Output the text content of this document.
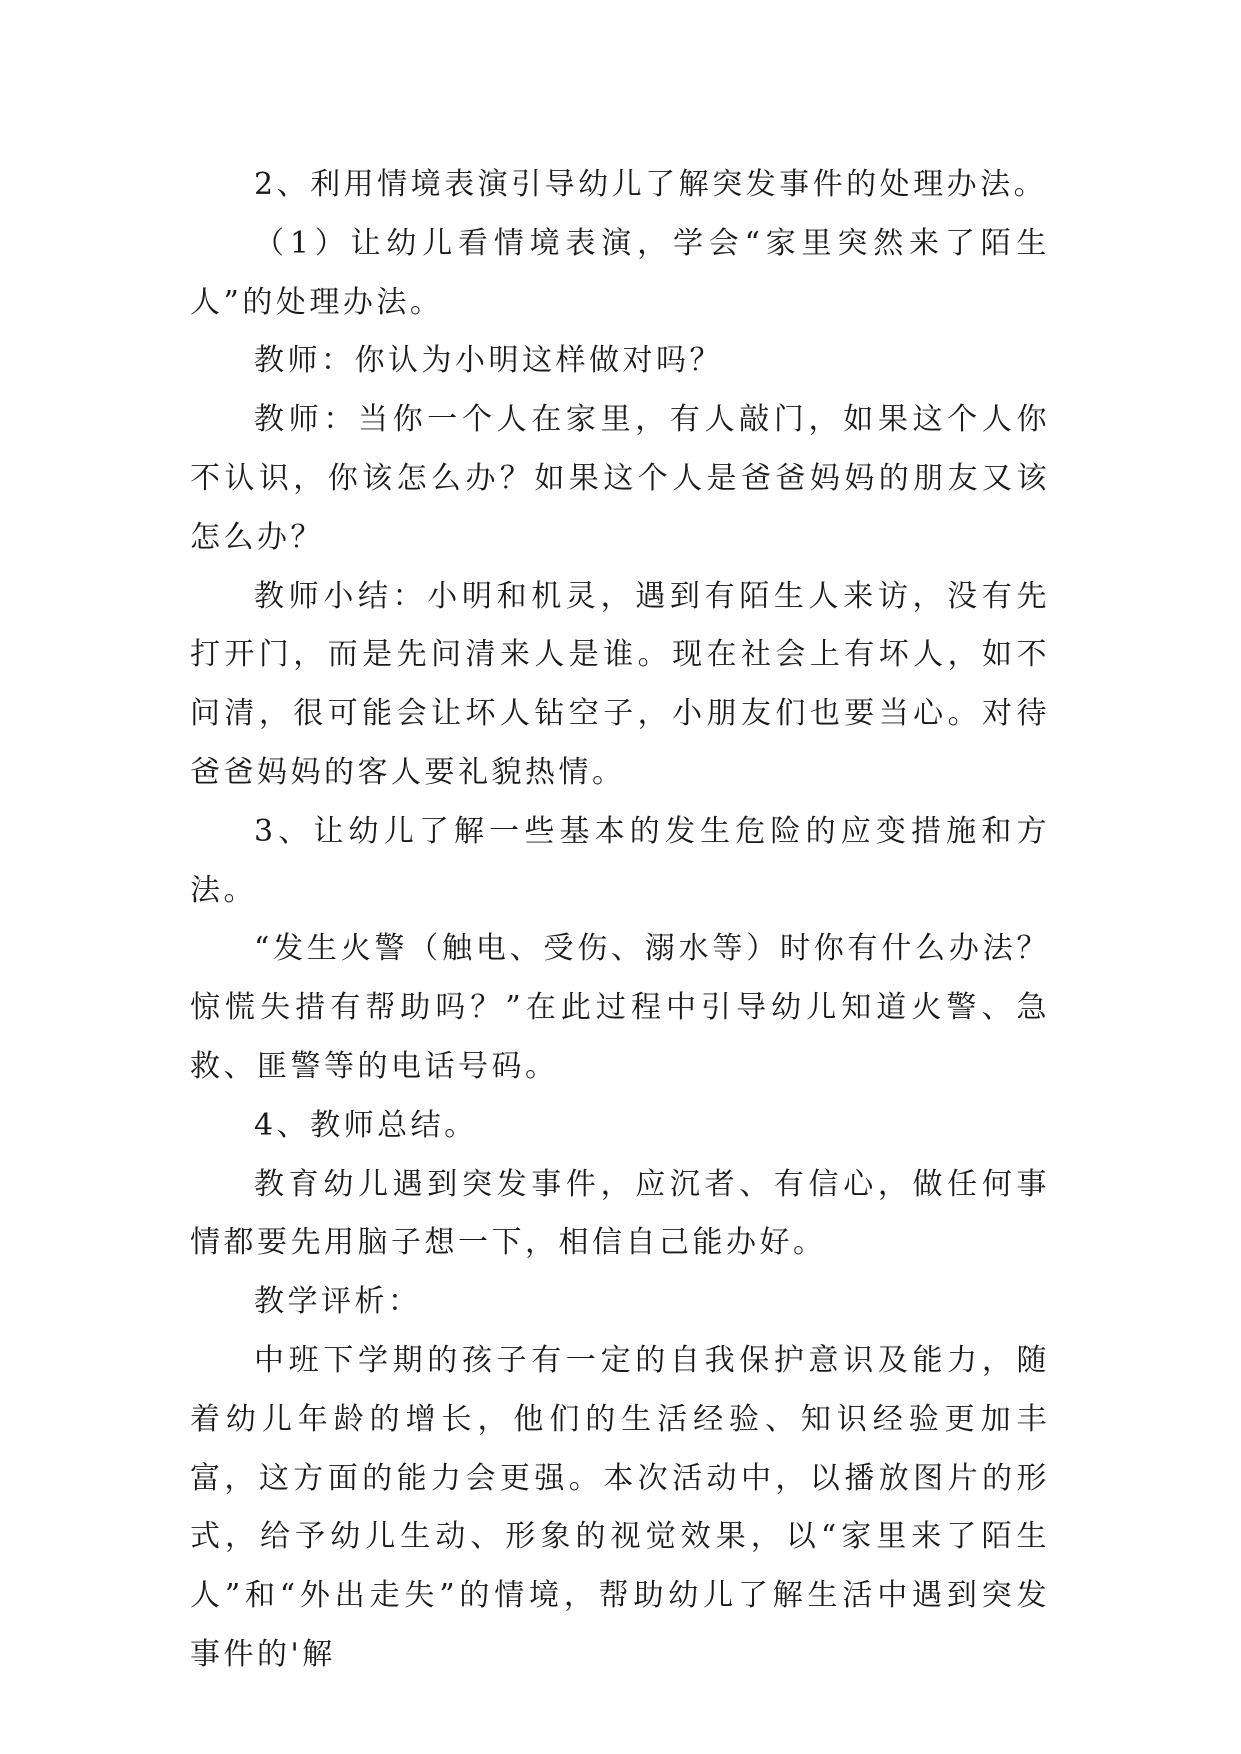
2、利用情境表演引导幼儿了解突发事件的处理办法。

（1）让幼儿看情境表演，学会“家里突然来了陌生人”的处理办法。

教师：你认为小明这样做对吗？

教师：当你一个人在家里，有人敲门，如果这个人你不认识，你该怎么办？如果这个人是爸爸妈妈的朋友又该怎么办？

教师小结：小明和机灵，遇到有陌生人来访，没有先打开门，而是先问清来人是谁。现在社会上有坏人，如不问清，很可能会让坏人钻空子，小朋友们也要当心。对待爸爸妈妈的客人要礼貌热情。

3、让幼儿了解一些基本的发生危险的应变措施和方法。

“发生火警（触电、受伤、溺水等）时你有什么办法？惊慌失措有帮助吗？”在此过程中引导幼儿知道火警、急救、匪警等的电话号码。

4、教师总结。

教育幼儿遇到突发事件，应沉者、有信心，做任何事情都要先用脑子想一下，相信自己能办好。

教学评析：

中班下学期的孩子有一定的自我保护意识及能力，随着幼儿年龄的增长，他们的生活经验、知识经验更加丰富，这方面的能力会更强。本次活动中，以播放图片的形式，给予幼儿生动、形象的视觉效果，以“家里来了陌生人”和“外出走失”的情境，帮助幼儿了解生活中遇到突发事件的'解
